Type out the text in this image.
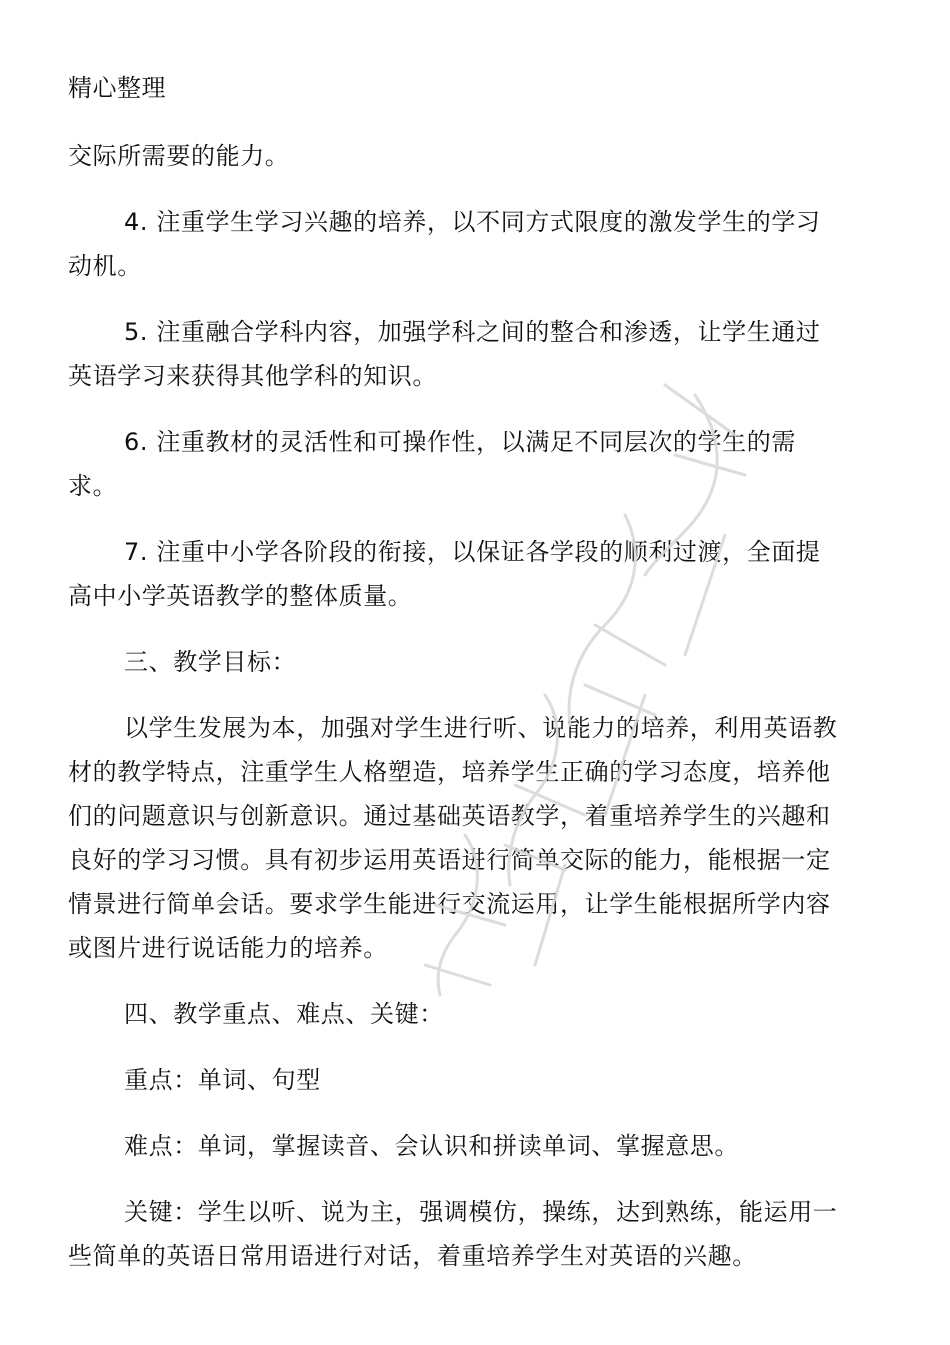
精心整理

交际所需要的能力。

4. 注重学生学习兴趣的培养，以不同方式限度的激发学生的学习动机。

5. 注重融合学科内容，加强学科之间的整合和渗透，让学生通过英语学习来获得其他学科的知识。

6. 注重教材的灵活性和可操作性，以满足不同层次的学生的需求。

7. 注重中小学各阶段的衔接，以保证各学段的顺利过渡，全面提高中小学英语教学的整体质量。

三、教学目标：

以学生发展为本，加强对学生进行听、说能力的培养，利用英语教材的教学特点，注重学生人格塑造，培养学生正确的学习态度，培养他们的问题意识与创新意识。通过基础英语教学，着重培养学生的兴趣和良好的学习习惯。具有初步运用英语进行简单交际的能力，能根据一定情景进行简单会话。要求学生能进行交流运用，让学生能根据所学内容或图片进行说话能力的培养。

四、教学重点、难点、关键：

重点：单词、句型

难点：单词，掌握读音、会认识和拼读单词、掌握意思。

关键：学生以听、说为主，强调模仿，操练，达到熟练，能运用一些简单的英语日常用语进行对话，着重培养学生对英语的兴趣。
